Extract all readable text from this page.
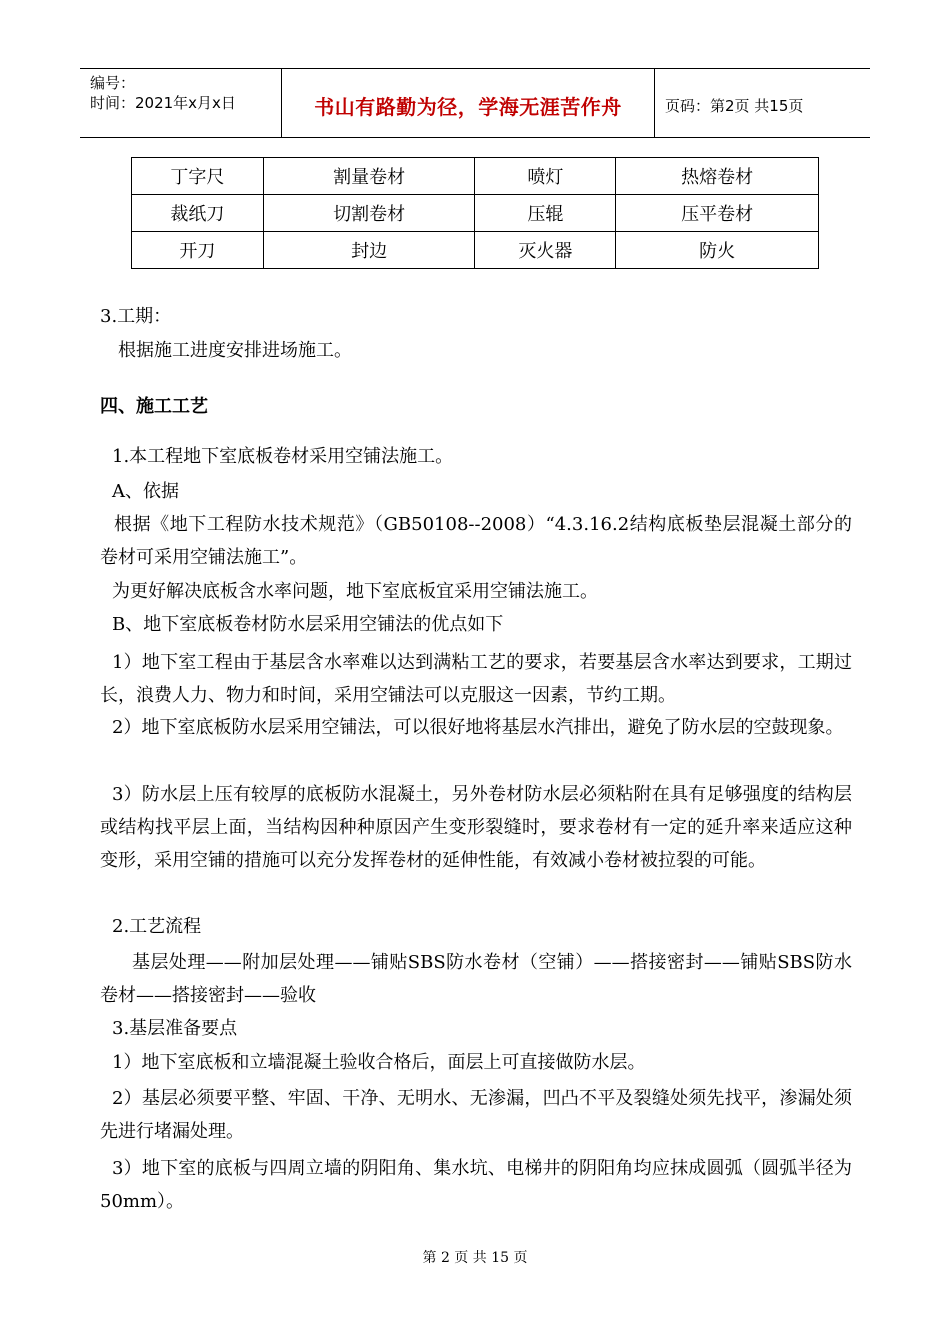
编号：
时间：2021年x月x日	书山有路勤为径，学海无涯苦作舟	页码：第2页 共15页
丁字尺	割量卷材	喷灯	热熔卷材
裁纸刀	切割卷材	压辊	压平卷材
开刀	封边	灭火器	防火
3.工期：
根据施工进度安排进场施工。
四、施工工艺
1.本工程地下室底板卷材采用空铺法施工。
A、依据
根据《地下工程防水技术规范》（GB50108--2008）“4.3.16.2结构底板垫层混凝土部分的卷材可采用空铺法施工”。
为更好解决底板含水率问题，地下室底板宜采用空铺法施工。
B、地下室底板卷材防水层采用空铺法的优点如下
1）地下室工程由于基层含水率难以达到满粘工艺的要求，若要基层含水率达到要求，工期过长，浪费人力、物力和时间，采用空铺法可以克服这一因素，节约工期。
2）地下室底板防水层采用空铺法，可以很好地将基层水汽排出，避免了防水层的空鼓现象。
3）防水层上压有较厚的底板防水混凝土，另外卷材防水层必须粘附在具有足够强度的结构层或结构找平层上面，当结构因种种原因产生变形裂缝时，要求卷材有一定的延升率来适应这种变形，采用空铺的措施可以充分发挥卷材的延伸性能，有效减小卷材被拉裂的可能。
2.工艺流程
基层处理——附加层处理——铺贴SBS防水卷材（空铺）——搭接密封——铺贴SBS防水卷材——搭接密封——验收
3.基层准备要点
1）地下室底板和立墙混凝土验收合格后，面层上可直接做防水层。
2）基层必须要平整、牢固、干净、无明水、无渗漏，凹凸不平及裂缝处须先找平，渗漏处须先进行堵漏处理。
3）地下室的底板与四周立墙的阴阳角、集水坑、电梯井的阴阳角均应抹成圆弧（圆弧半径为50mm）。
第 2 页 共 15 页
